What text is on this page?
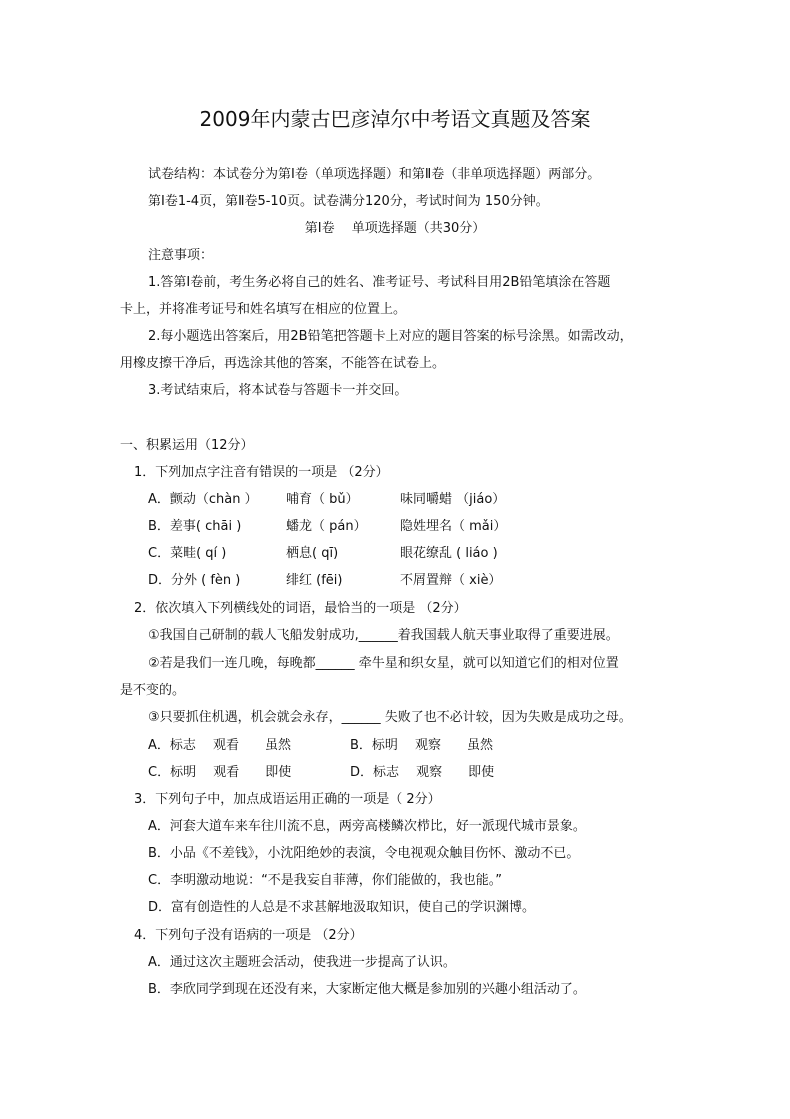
2009年内蒙古巴彦淖尔中考语文真题及答案
试卷结构：本试卷分为第Ⅰ卷（单项选择题）和第Ⅱ卷（非单项选择题）两部分。
第Ⅰ卷1-4页，第Ⅱ卷5-10页。试卷满分120分，考试时间为 150分钟。
第Ⅰ卷　 单项选择题（共30分）
注意事项：
1.答第Ⅰ卷前，考生务必将自己的姓名、准考证号、考试科目用2B铅笔填涂在答题
卡上，并将准考证号和姓名填写在相应的位置上。
2.每小题选出答案后，用2B铅笔把答题卡上对应的题目答案的标号涂黑。如需改动，
用橡皮擦干净后，再选涂其他的答案，不能答在试卷上。
3.考试结束后，将本试卷与答题卡一并交回。
一、积累运用（12分）
1．下列加点字注音有错误的一项是 （2分）
A．颤动（chàn ） 哺育（ bǔ）	味同嚼蜡 （jiáo）
B．差事( chāi )	蟠龙（ pán）	隐姓埋名（ mǎi）
C．菜畦( qí )	栖息( qī)	眼花缭乱 ( liáo )
D．分外 ( fèn )	绯红 (fēi)	不屑置辩（ xiè）
2．依次填入下列横线处的词语，最恰当的一项是 （2分）
①我国自己研制的载人飞船发射成功,______着我国载人航天事业取得了重要进展。
②若是我们一连几晚，每晚都______ 牵牛星和织女星，就可以知道它们的相对位置
是不变的。
③只要抓住机遇，机会就会永存，______ 失败了也不必计较，因为失败是成功之母。
A．标志　 观看　　虽然	B．标明　 观察　　虽然
C．标明　 观看　　即使	D．标志　 观察　　即使
3．下列句子中，加点成语运用正确的一项是（ 2分）
A．河套大道车来车往川流不息，两旁高楼鳞次栉比，好一派现代城市景象。
B．小品《不差钱》，小沈阳绝妙的表演，令电视观众触目伤怀、激动不已。
C．李明激动地说：“不是我妄自菲薄，你们能做的，我也能。”
D．富有创造性的人总是不求甚解地汲取知识，使自己的学识渊博。
4．下列句子没有语病的一项是 （2分）
A．通过这次主题班会活动，使我进一步提高了认识。
B．李欣同学到现在还没有来，大家断定他大概是参加别的兴趣小组活动了。
